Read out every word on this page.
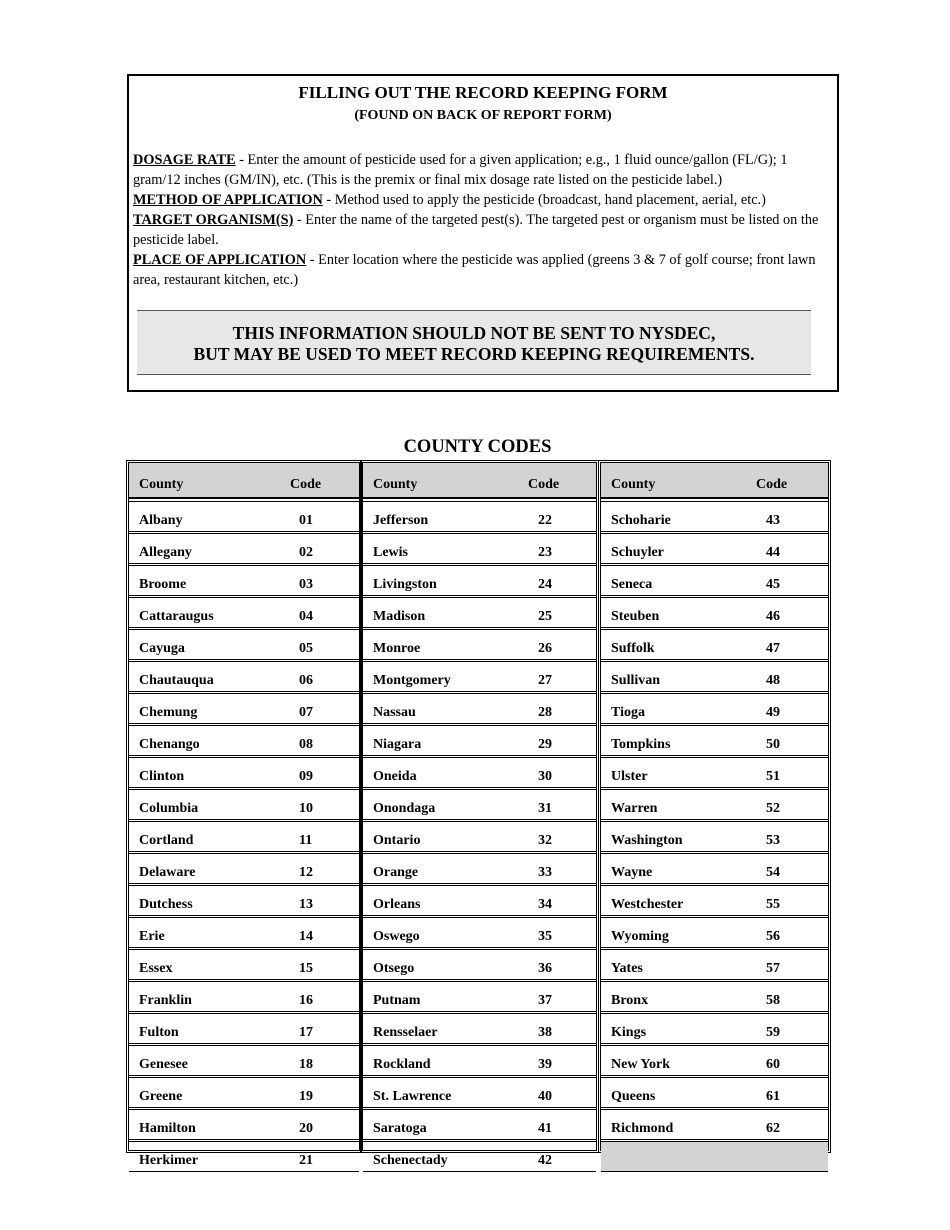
FILLING OUT THE RECORD KEEPING FORM
(FOUND ON BACK OF REPORT FORM)

DOSAGE RATE - Enter the amount of pesticide used for a given application; e.g., 1 fluid ounce/gallon (FL/G); 1 gram/12 inches (GM/IN), etc. (This is the premix or final mix dosage rate listed on the pesticide label.)

METHOD OF APPLICATION - Method used to apply the pesticide (broadcast, hand placement, aerial, etc.)

TARGET ORGANISM(S) - Enter the name of the targeted pest(s). The targeted pest or organism must be listed on the pesticide label.

PLACE OF APPLICATION - Enter location where the pesticide was applied (greens 3 & 7 of golf course; front lawn area, restaurant kitchen, etc.)

THIS INFORMATION SHOULD NOT BE SENT TO NYSDEC,
BUT MAY BE USED TO MEET RECORD KEEPING REQUIREMENTS.
COUNTY CODES
County	Code
Albany	01
Allegany	02
Broome	03
Cattaraugus	04
Cayuga	05
Chautauqua	06
Chemung	07
Chenango	08
Clinton	09
Columbia	10
Cortland	11
Delaware	12
Dutchess	13
Erie	14
Essex	15
Franklin	16
Fulton	17
Genesee	18
Greene	19
Hamilton	20
Herkimer	21
County	Code
Jefferson	22
Lewis	23
Livingston	24
Madison	25
Monroe	26
Montgomery	27
Nassau	28
Niagara	29
Oneida	30
Onondaga	31
Ontario	32
Orange	33
Orleans	34
Oswego	35
Otsego	36
Putnam	37
Rensselaer	38
Rockland	39
St. Lawrence	40
Saratoga	41
Schenectady	42
County	Code
Schoharie	43
Schuyler	44
Seneca	45
Steuben	46
Suffolk	47
Sullivan	48
Tioga	49
Tompkins	50
Ulster	51
Warren	52
Washington	53
Wayne	54
Westchester	55
Wyoming	56
Yates	57
Bronx	58
Kings	59
New York	60
Queens	61
Richmond	62
